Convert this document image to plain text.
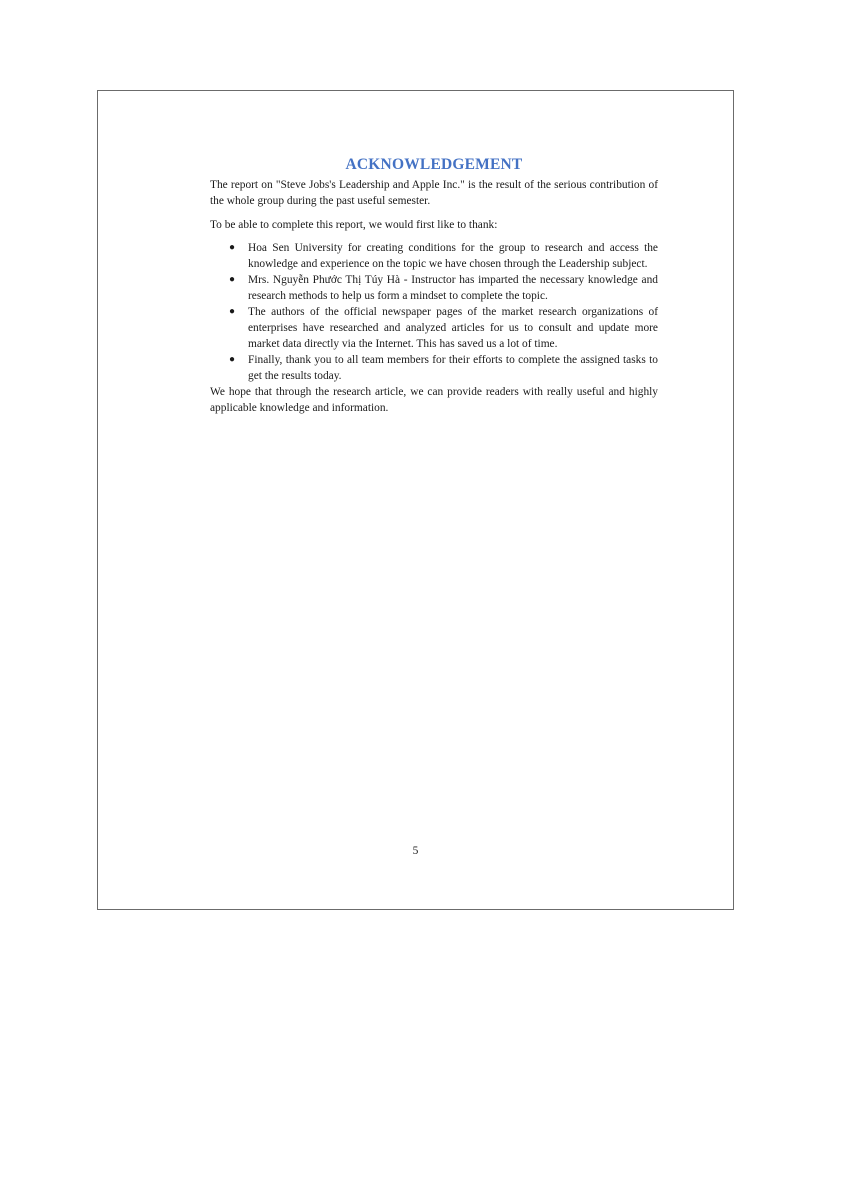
ACKNOWLEDGEMENT

The report on "Steve Jobs's Leadership and Apple Inc." is the result of the serious contribution of the whole group during the past useful semester.

To be able to complete this report, we would first like to thank:

● Hoa Sen University for creating conditions for the group to research and access the knowledge and experience on the topic we have chosen through the Leadership subject.
● Mrs. Nguyễn Phước Thị Túy Hà - Instructor has imparted the necessary knowledge and research methods to help us form a mindset to complete the topic.
● The authors of the official newspaper pages of the market research organizations of enterprises have researched and analyzed articles for us to consult and update more market data directly via the Internet. This has saved us a lot of time.
● Finally, thank you to all team members for their efforts to complete the assigned tasks to get the results today.

We hope that through the research article, we can provide readers with really useful and highly applicable knowledge and information.

5
